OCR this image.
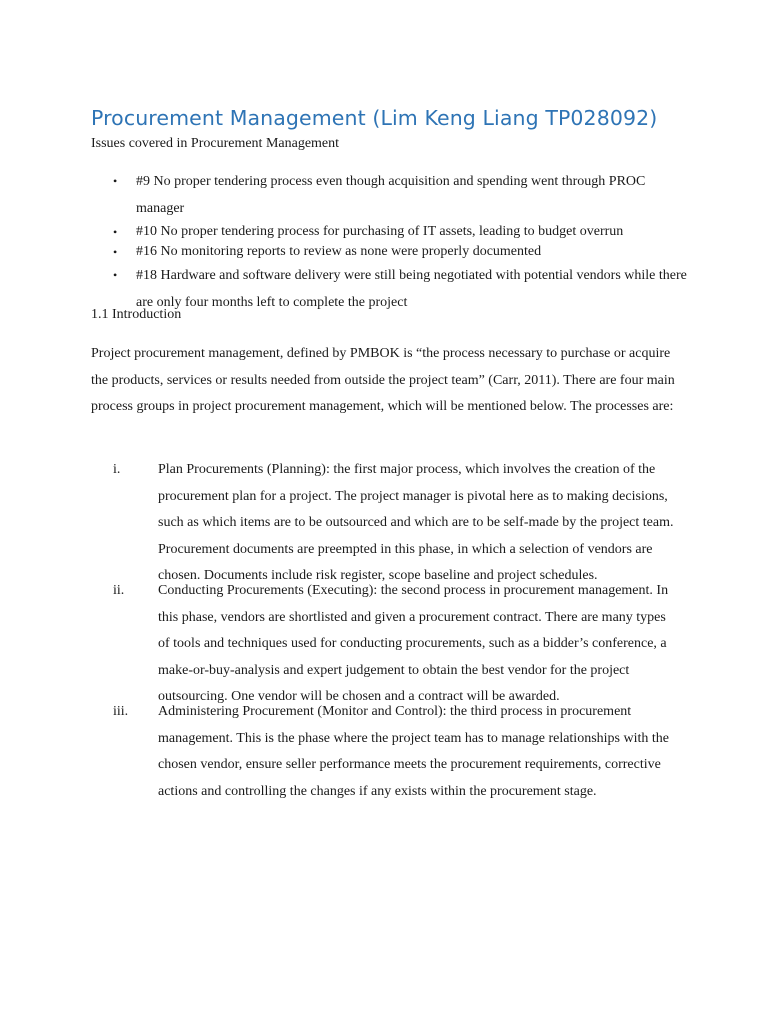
Procurement Management (Lim Keng Liang TP028092)

Issues covered in Procurement Management

• #9 No proper tendering process even though acquisition and spending went through PROC manager
• #10 No proper tendering process for purchasing of IT assets, leading to budget overrun
• #16 No monitoring reports to review as none were properly documented
• #18 Hardware and software delivery were still being negotiated with potential vendors while there are only four months left to complete the project

1.1 Introduction

Project procurement management, defined by PMBOK is “the process necessary to purchase or acquire the products, services or results needed from outside the project team” (Carr, 2011). There are four main process groups in project procurement management, which will be mentioned below. The processes are:

i.	Plan Procurements (Planning): the first major process, which involves the creation of the procurement plan for a project. The project manager is pivotal here as to making decisions, such as which items are to be outsourced and which are to be self-made by the project team. Procurement documents are preempted in this phase, in which a selection of vendors are chosen. Documents include risk register, scope baseline and project schedules.
ii. Conducting Procurements (Executing): the second process in procurement management. In this phase, vendors are shortlisted and given a procurement contract. There are many types of tools and techniques used for conducting procurements, such as a bidder’s conference, a make-or-buy-analysis and expert judgement to obtain the best vendor for the project outsourcing. One vendor will be chosen and a contract will be awarded.
iii. Administering Procurement (Monitor and Control): the third process in procurement management. This is the phase where the project team has to manage relationships with the chosen vendor, ensure seller performance meets the procurement requirements, corrective actions and controlling the changes if any exists within the procurement stage.
